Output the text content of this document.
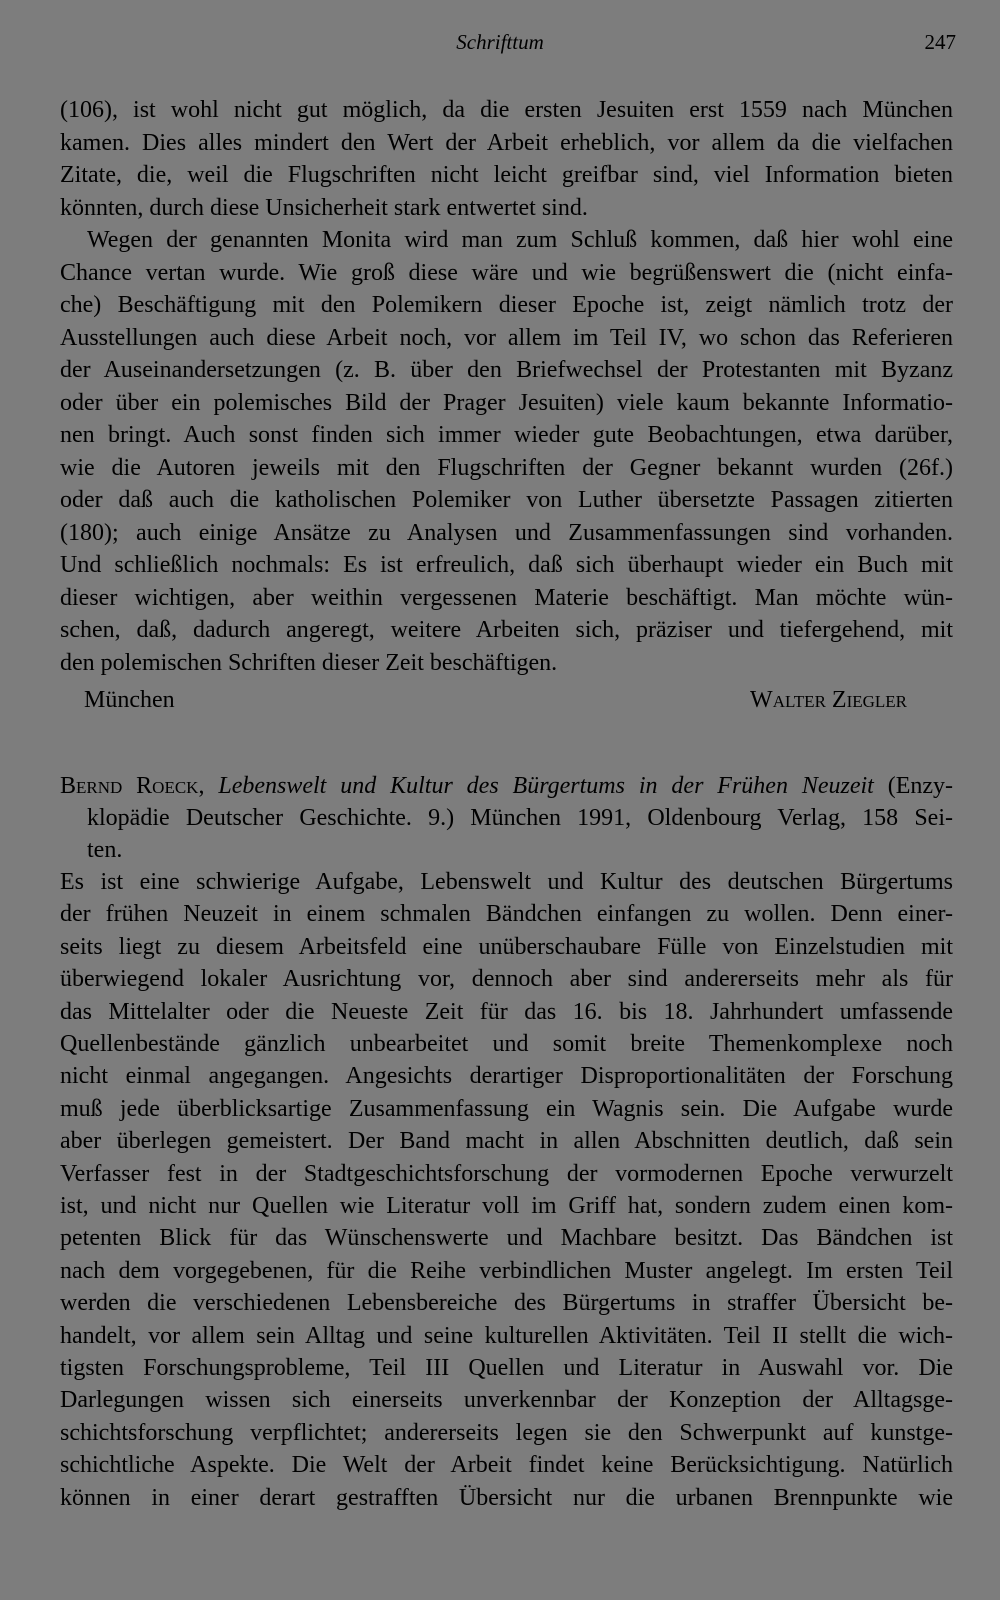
Schrifttum	247
(106), ist wohl nicht gut möglich, da die ersten Jesuiten erst 1559 nach München
kamen. Dies alles mindert den Wert der Arbeit erheblich, vor allem da die vielfachen
Zitate, die, weil die Flugschriften nicht leicht greifbar sind, viel Information bieten
könnten, durch diese Unsicherheit stark entwertet sind.
Wegen der genannten Monita wird man zum Schluß kommen, daß hier wohl eine
Chance vertan wurde. Wie groß diese wäre und wie begrüßenswert die (nicht einfa-
che) Beschäftigung mit den Polemikern dieser Epoche ist, zeigt nämlich trotz der
Ausstellungen auch diese Arbeit noch, vor allem im Teil IV, wo schon das Referieren
der Auseinandersetzungen (z. B. über den Briefwechsel der Protestanten mit Byzanz
oder über ein polemisches Bild der Prager Jesuiten) viele kaum bekannte Informatio-
nen bringt. Auch sonst finden sich immer wieder gute Beobachtungen, etwa darüber,
wie die Autoren jeweils mit den Flugschriften der Gegner bekannt wurden (26f.)
oder daß auch die katholischen Polemiker von Luther übersetzte Passagen zitierten
(180); auch einige Ansätze zu Analysen und Zusammenfassungen sind vorhanden.
Und schließlich nochmals: Es ist erfreulich, daß sich überhaupt wieder ein Buch mit
dieser wichtigen, aber weithin vergessenen Materie beschäftigt. Man möchte wün-
schen, daß, dadurch angeregt, weitere Arbeiten sich, präziser und tiefergehend, mit
den polemischen Schriften dieser Zeit beschäftigen.
München	Walter Ziegler
Bernd Roeck, Lebenswelt und Kultur des Bürgertums in der Frühen Neuzeit (Enzy-
klopädie Deutscher Geschichte. 9.) München 1991, Oldenbourg Verlag, 158 Sei-
ten.
Es ist eine schwierige Aufgabe, Lebenswelt und Kultur des deutschen Bürgertums
der frühen Neuzeit in einem schmalen Bändchen einfangen zu wollen. Denn einer-
seits liegt zu diesem Arbeitsfeld eine unüberschaubare Fülle von Einzelstudien mit
überwiegend lokaler Ausrichtung vor, dennoch aber sind andererseits mehr als für
das Mittelalter oder die Neueste Zeit für das 16. bis 18. Jahrhundert umfassende
Quellenbestände gänzlich unbearbeitet und somit breite Themenkomplexe noch
nicht einmal angegangen. Angesichts derartiger Disproportionalitäten der Forschung
muß jede überblicksartige Zusammenfassung ein Wagnis sein. Die Aufgabe wurde
aber überlegen gemeistert. Der Band macht in allen Abschnitten deutlich, daß sein
Verfasser fest in der Stadtgeschichtsforschung der vormodernen Epoche verwurzelt
ist, und nicht nur Quellen wie Literatur voll im Griff hat, sondern zudem einen kom-
petenten Blick für das Wünschenswerte und Machbare besitzt. Das Bändchen ist
nach dem vorgegebenen, für die Reihe verbindlichen Muster angelegt. Im ersten Teil
werden die verschiedenen Lebensbereiche des Bürgertums in straffer Übersicht be-
handelt, vor allem sein Alltag und seine kulturellen Aktivitäten. Teil II stellt die wich-
tigsten Forschungsprobleme, Teil III Quellen und Literatur in Auswahl vor. Die
Darlegungen wissen sich einerseits unverkennbar der Konzeption der Alltagsge-
schichtsforschung verpflichtet; andererseits legen sie den Schwerpunkt auf kunstge-
schichtliche Aspekte. Die Welt der Arbeit findet keine Berücksichtigung. Natürlich
können in einer derart gestrafften Übersicht nur die urbanen Brennpunkte wie
